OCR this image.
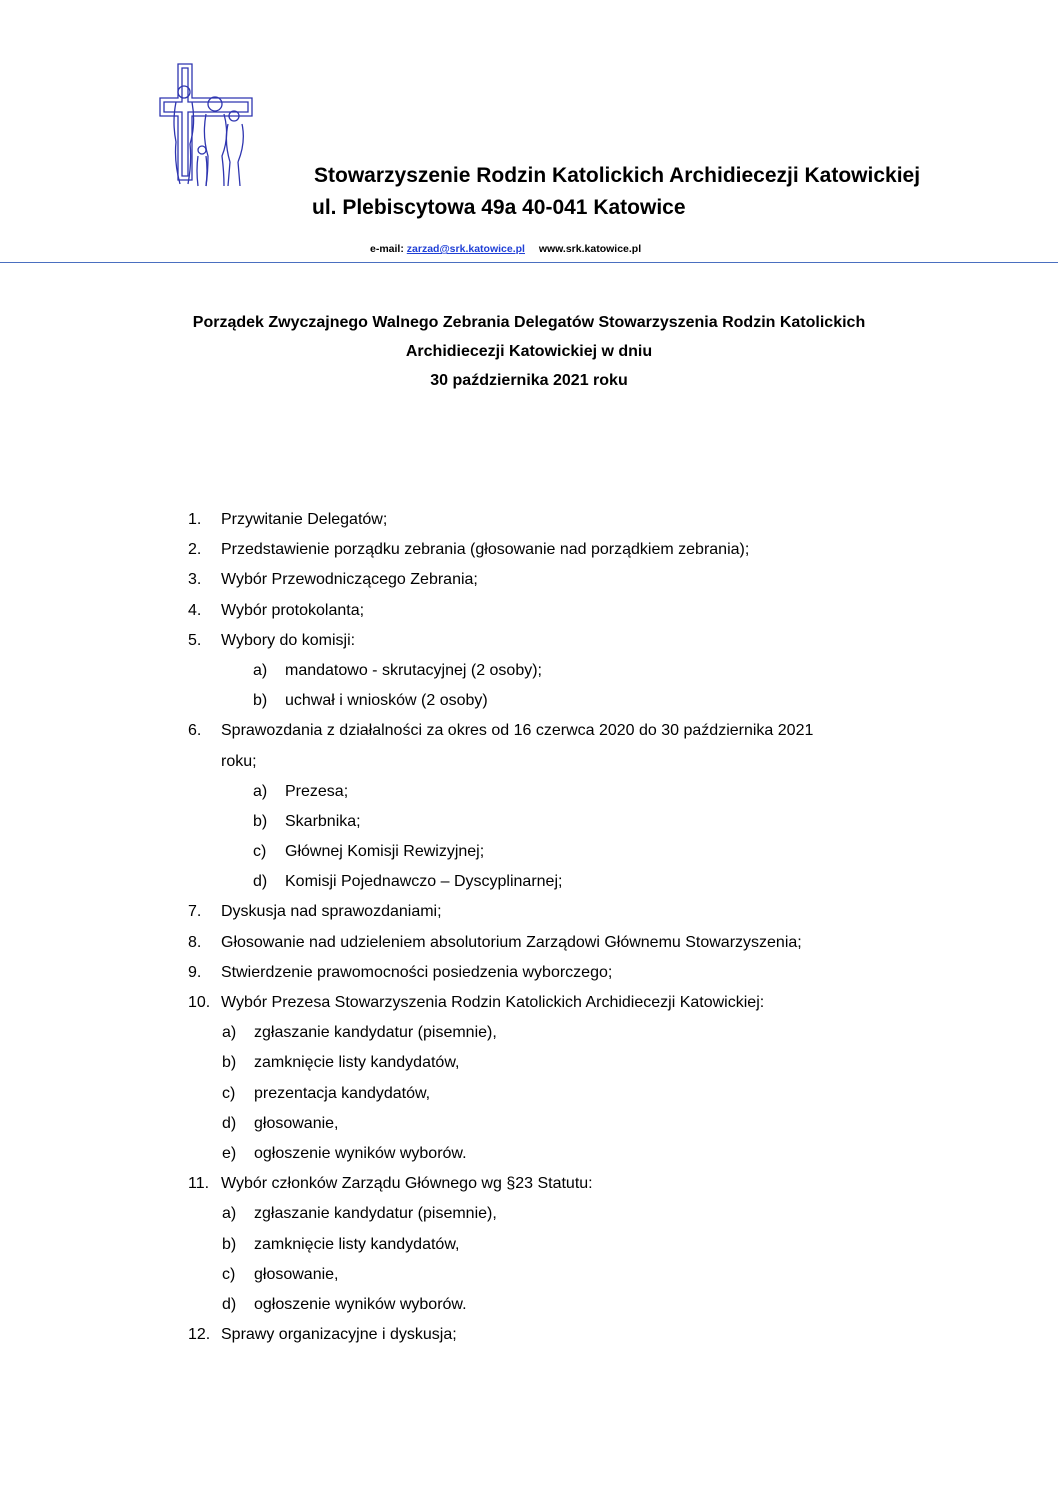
Stowarzyszenie Rodzin Katolickich Archidiecezji Katowickiej
ul. Plebiscytowa 49a 40-041 Katowice
e-mail: zarzad@srk.katowice.pl www.srk.katowice.pl
Porządek Zwyczajnego Walnego Zebrania Delegatów Stowarzyszenia Rodzin Katolickich
Archidiecezji Katowickiej w dniu
30 października 2021 roku
1. Przywitanie Delegatów;
2. Przedstawienie porządku zebrania (głosowanie nad porządkiem zebrania);
3. Wybór Przewodniczącego Zebrania;
4. Wybór protokolanta;
5. Wybory do komisji:
a) mandatowo - skrutacyjnej (2 osoby);
b) uchwał i wniosków (2 osoby)
6. Sprawozdania z działalności za okres od 16 czerwca 2020 do 30 października 2021
roku;
a) Prezesa;
b) Skarbnika;
c) Głównej Komisji Rewizyjnej;
d) Komisji Pojednawczo – Dyscyplinarnej;
7. Dyskusja nad sprawozdaniami;
8. Głosowanie nad udzieleniem absolutorium Zarządowi Głównemu Stowarzyszenia;
9. Stwierdzenie prawomocności posiedzenia wyborczego;
10. Wybór Prezesa Stowarzyszenia Rodzin Katolickich Archidiecezji Katowickiej:
a) zgłaszanie kandydatur (pisemnie),
b) zamknięcie listy kandydatów,
c) prezentacja kandydatów,
d) głosowanie,
e) ogłoszenie wyników wyborów.
11. Wybór członków Zarządu Głównego wg §23 Statutu:
a) zgłaszanie kandydatur (pisemnie),
b) zamknięcie listy kandydatów,
c) głosowanie,
d) ogłoszenie wyników wyborów.
12. Sprawy organizacyjne i dyskusja;
